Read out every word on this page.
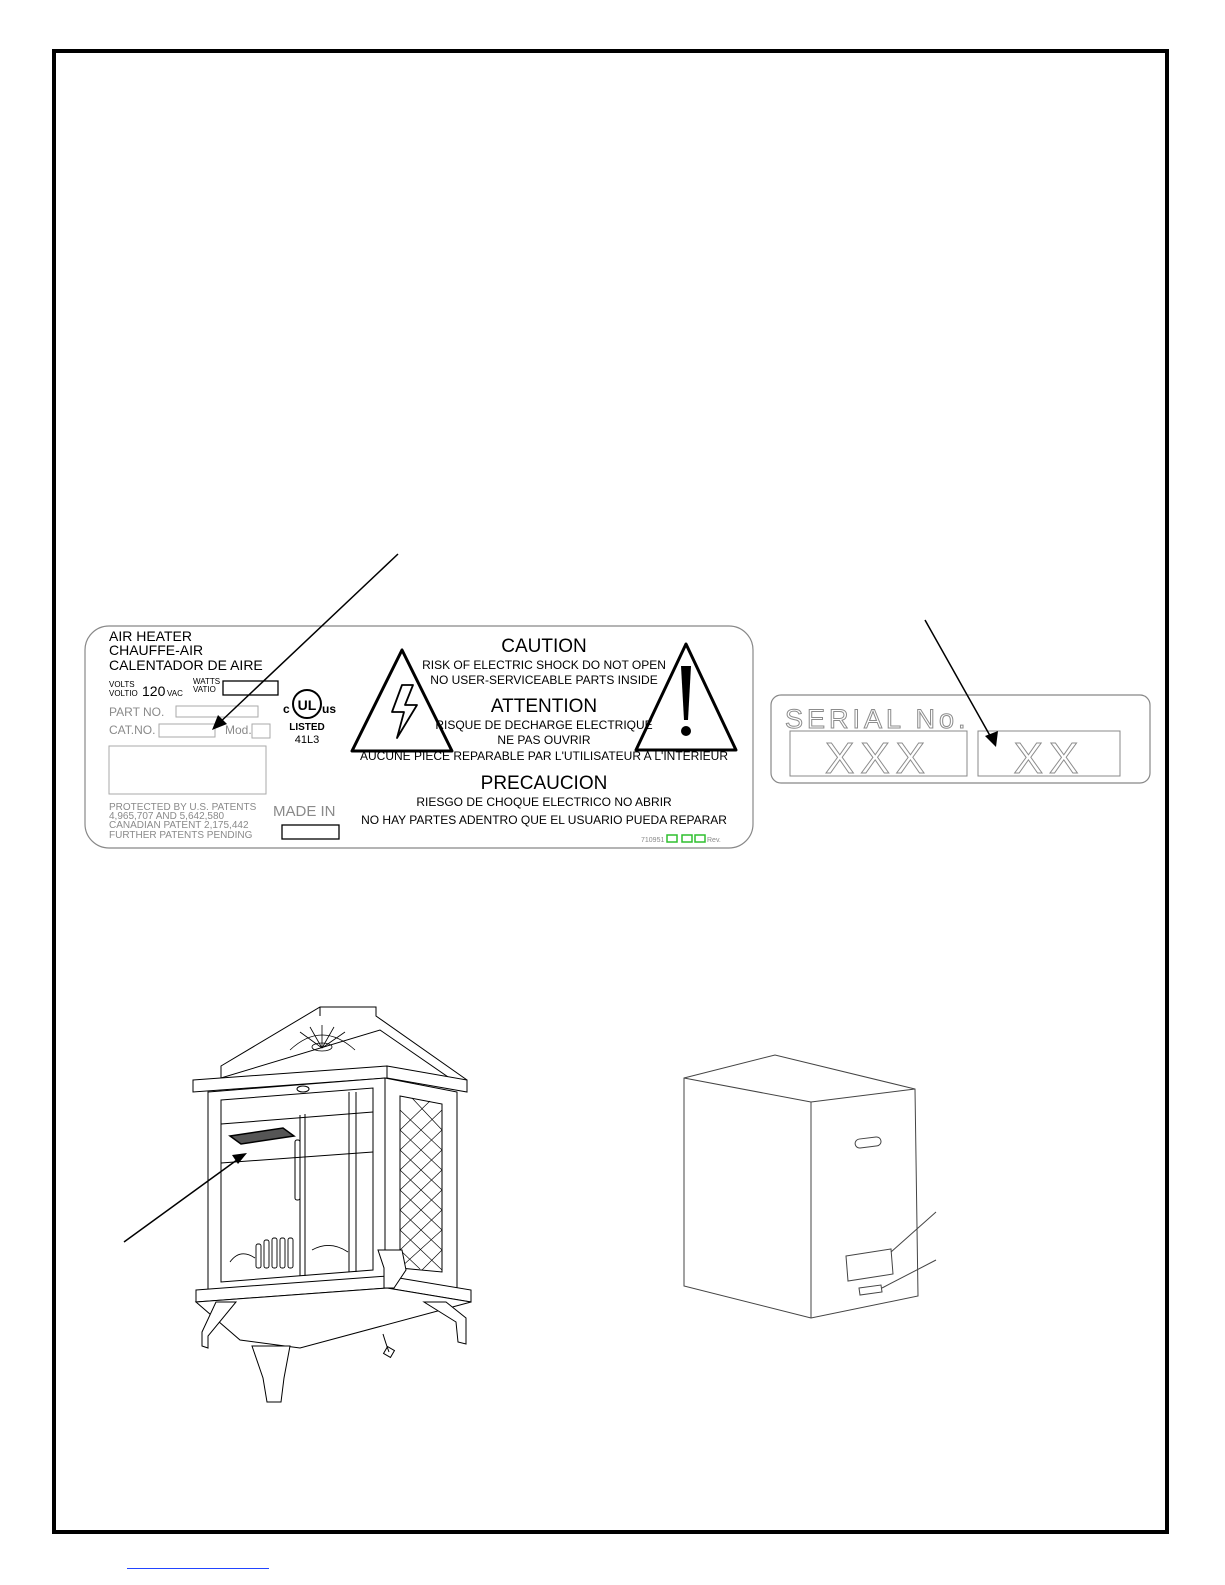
AIR HEATER
CHAUFFE-AIR
CALENTADOR DE AIRE
VOLTS
VOLTIO 120 VAC
WATTS
VATIO
PART NO.
CAT.NO.	Mod.
PROTECTED BY U.S. PATENTS
4,965,707 AND 5,642,580
CANADIAN PATENT 2,175,442
FURTHER PATENTS PENDING
MADE IN
c UL us
LISTED
41L3
CAUTION
RISK OF ELECTRIC SHOCK DO NOT OPEN
NO USER-SERVICEABLE PARTS INSIDE
ATTENTION
RISQUE DE DECHARGE ELECTRIQUE
NE PAS OUVRIR
AUCUNE PIECE REPARABLE PAR L'UTILISATEUR A L'INTERIEUR
PRECAUCION
RIESGO DE CHOQUE ELECTRICO NO ABRIR
NO HAY PARTES ADENTRO QUE EL USUARIO PUEDA REPARAR
710951	Rev.
SERIAL No.
XXX XX
